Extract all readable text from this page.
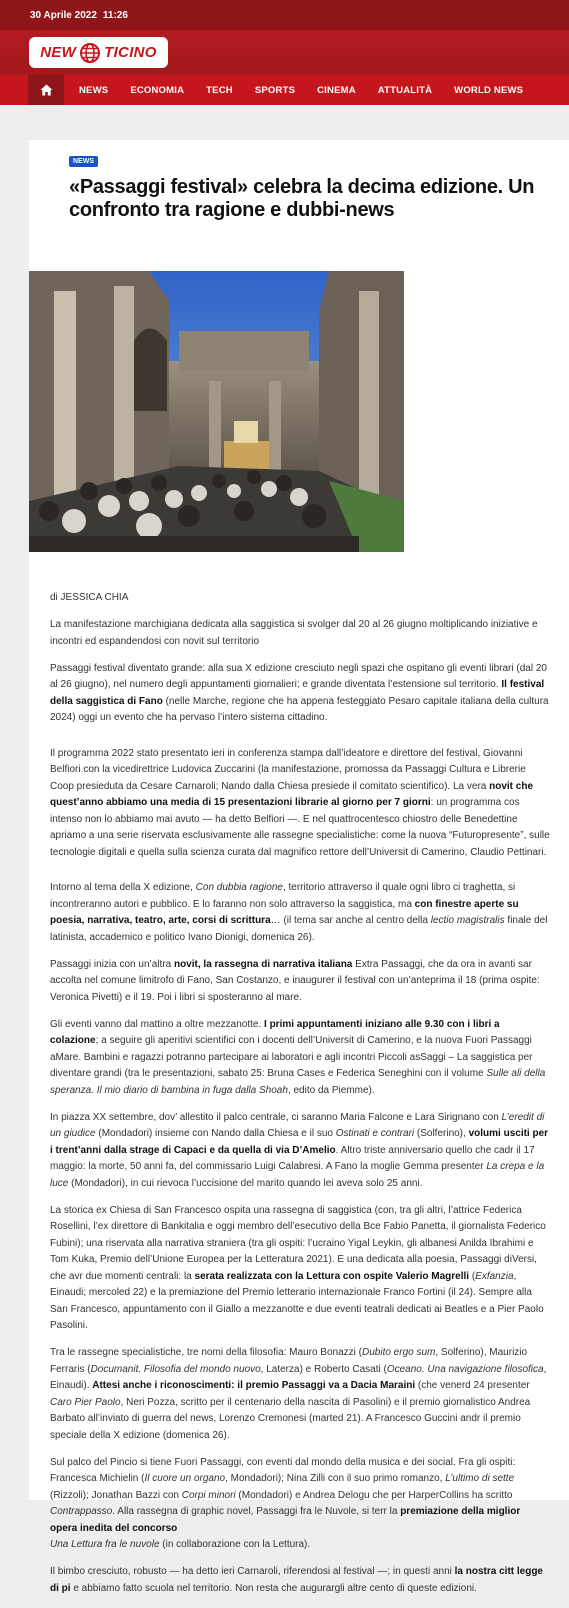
30 Aprile 2022 11:26
NEW TICINO
NEWS ECONOMIA TECH SPORTS CINEMA ATTUALITÀ WORLD NEWS
NEWS
«Passaggi festival» celebra la decima edizione. Un confronto tra ragione e dubbi-news

di JESSICA CHIA

La manifestazione marchigiana dedicata alla saggistica si svolger dal 20 al 26 giugno moltiplicando iniziative e incontri ed espandendosi con novit sul territorio

Passaggi festival diventato grande: alla sua X edizione cresciuto negli spazi che ospitano gli eventi librari (dal 20 al 26 giugno), nel numero degli appuntamenti giornalieri; e grande diventata l’estensione sul territorio. Il festival della saggistica di Fano (nelle Marche, regione che ha appena festeggiato Pesaro capitale italiana della cultura 2024) oggi un evento che ha pervaso l’intero sistema cittadino.

Il programma 2022 stato presentato ieri in conferenza stampa dall’ideatore e direttore del festival, Giovanni Belfiori con la vicedirettrice Ludovica Zuccarini (la manifestazione, promossa da Passaggi Cultura e Librerie Coop presieduta da Cesare Carnaroli; Nando dalla Chiesa presiede il comitato scientifico). La vera novit che quest’anno abbiamo una media di 15 presentazioni librarie al giorno per 7 giorni: un programma cos intenso non lo abbiamo mai avuto — ha detto Belfiori —. E nel quattrocentesco chiostro delle Benedettine apriamo a una serie riservata esclusivamente alle rassegne specialistiche: come la nuova “Futuropresente”, sulle tecnologie digitali e quella sulla scienza curata dal magnifico rettore dell’Universit di Camerino, Claudio Pettinari.

Intorno al tema della X edizione, Con dubbia ragione, territorio attraverso il quale ogni libro ci traghetta, si incontreranno autori e pubblico. E lo faranno non solo attraverso la saggistica, ma con finestre aperte su poesia, narrativa, teatro, arte, corsi di scrittura… (il tema sar anche al centro della lectio magistralis finale del latinista, accademico e politico Ivano Dionigi, domenica 26).

Passaggi inizia con un’altra novit, la rassegna di narrativa italiana Extra Passaggi, che da ora in avanti sar accolta nel comune limitrofo di Fano, San Costanzo, e inaugurer il festival con un’anteprima il 18 (prima ospite: Veronica Pivetti) e il 19. Poi i libri si sposteranno al mare.

Gli eventi vanno dal mattino a oltre mezzanotte. I primi appuntamenti iniziano alle 9.30 con i libri a colazione; a seguire gli aperitivi scientifici con i docenti dell’Universit di Camerino, e la nuova Fuori Passaggi aMare. Bambini e ragazzi potranno partecipare ai laboratori e agli incontri Piccoli asSaggi – La saggistica per diventare grandi (tra le presentazioni, sabato 25: Bruna Cases e Federica Seneghini con il volume Sulle ali della speranza. Il mio diario di bambina in fuga dalla Shoah, edito da Piemme).

In piazza XX settembre, dov’ allestito il palco centrale, ci saranno Maria Falcone e Lara Sirignano con L’eredit di un giudice (Mondadori) insieme con Nando dalla Chiesa e il suo Ostinati e contrari (Solferino), volumi usciti per i trent’anni dalla strage di Capaci e da quella di via D’Amelio. Altro triste anniversario quello che cadr il 17 maggio: la morte, 50 anni fa, del commissario Luigi Calabresi. A Fano la moglie Gemma presenter La crepa e la luce (Mondadori), in cui rievoca l’uccisione del marito quando lei aveva solo 25 anni.

La storica ex Chiesa di San Francesco ospita una rassegna di saggistica (con, tra gli altri, l’attrice Federica Rosellini, l’ex direttore di Bankitalia e oggi membro dell’esecutivo della Bce Fabio Panetta, il giornalista Federico Fubini); una riservata alla narrativa straniera (tra gli ospiti: l’ucraino Yigal Leykin, gli albanesi Anilda Ibrahimi e Tom Kuka, Premio dell’Unione Europea per la Letteratura 2021). E una dedicata alla poesia, Passaggi diVersi, che avr due momenti centrali: la serata realizzata con la Lettura con ospite Valerio Magrelli (Exfanzia, Einaudi; mercoled 22) e la premiazione del Premio letterario internazionale Franco Fortini (il 24). Sempre alla San Francesco, appuntamento con il Giallo a mezzanotte e due eventi teatrali dedicati ai Beatles e a Pier Paolo Pasolini.

Tra le rassegne specialistiche, tre nomi della filosofia: Mauro Bonazzi (Dubito ergo sum, Solferino), Maurizio Ferraris (Documanit. Filosofia del mondo nuovo, Laterza) e Roberto Casati (Oceano. Una navigazione filosofica, Einaudi). Attesi anche i riconoscimenti: il premio Passaggi va a Dacia Maraini (che venerd 24 presenter Caro Pier Paolo, Neri Pozza, scritto per il centenario della nascita di Pasolini) e il premio giornalistico Andrea Barbato all’inviato di guerra del news, Lorenzo Cremonesi (marted 21). A Francesco Guccini andr il premio speciale della X edizione (domenica 26).

Sul palco del Pincio si tiene Fuori Passaggi, con eventi dal mondo della musica e dei social. Fra gli ospiti: Francesca Michielin (Il cuore un organo, Mondadori); Nina Zilli con il suo primo romanzo, L’ultimo di sette (Rizzoli); Jonathan Bazzi con Corpi minori (Mondadori) e Andrea Delogu che per HarperCollins ha scritto Contrappasso. Alla rassegna di graphic novel, Passaggi fra le Nuvole, si terr la premiazione della miglior opera inedita del concorso
Una Lettura fra le nuvole (in collaborazione con la Lettura).

Il bimbo cresciuto, robusto — ha detto ieri Carnaroli, riferendosi al festival —; in questi anni la nostra citt legge di pi e abbiamo fatto scuola nel territorio. Non resta che augurargli altre cento di queste edizioni.
